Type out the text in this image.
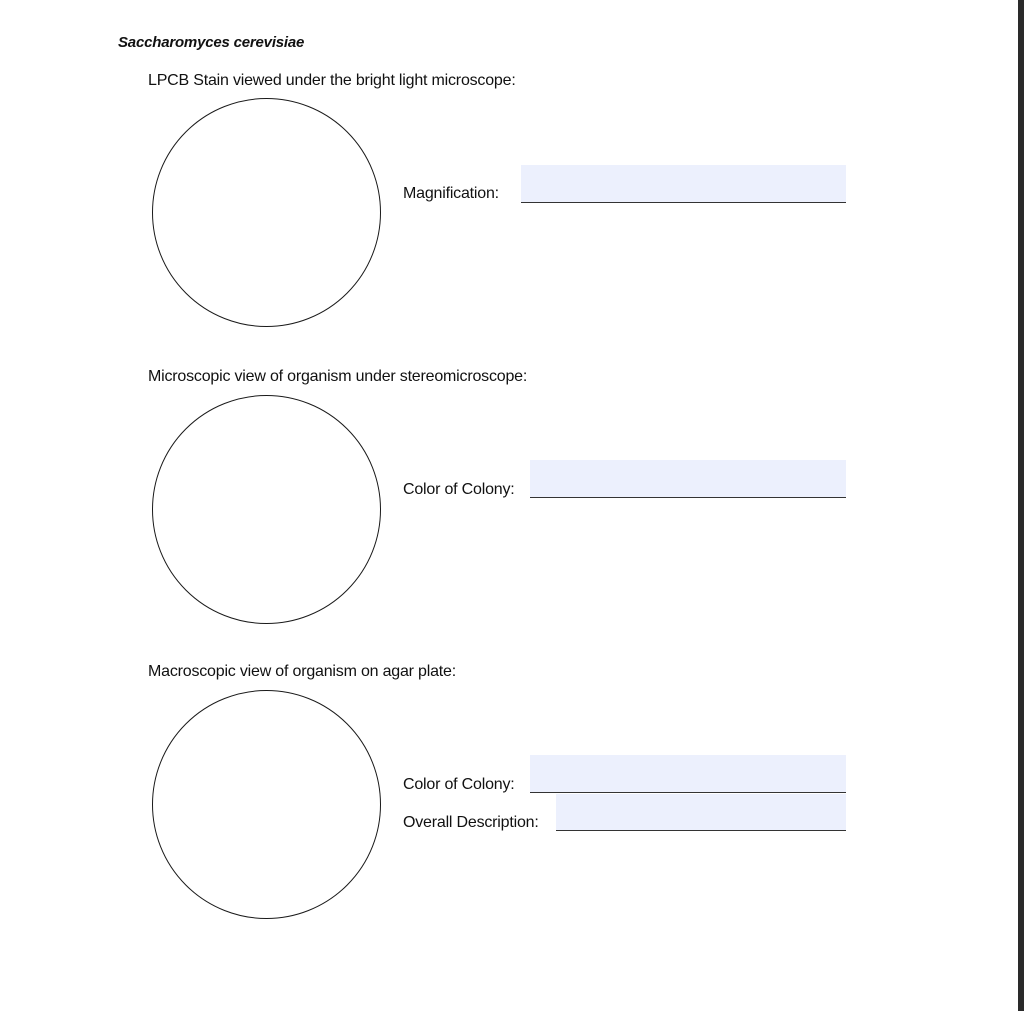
Saccharomyces cerevisiae
LPCB Stain viewed under the bright light microscope:
Magnification:
Microscopic view of organism under stereomicroscope:
Color of Colony:
Macroscopic view of organism on agar plate:
Color of Colony:
Overall Description:
